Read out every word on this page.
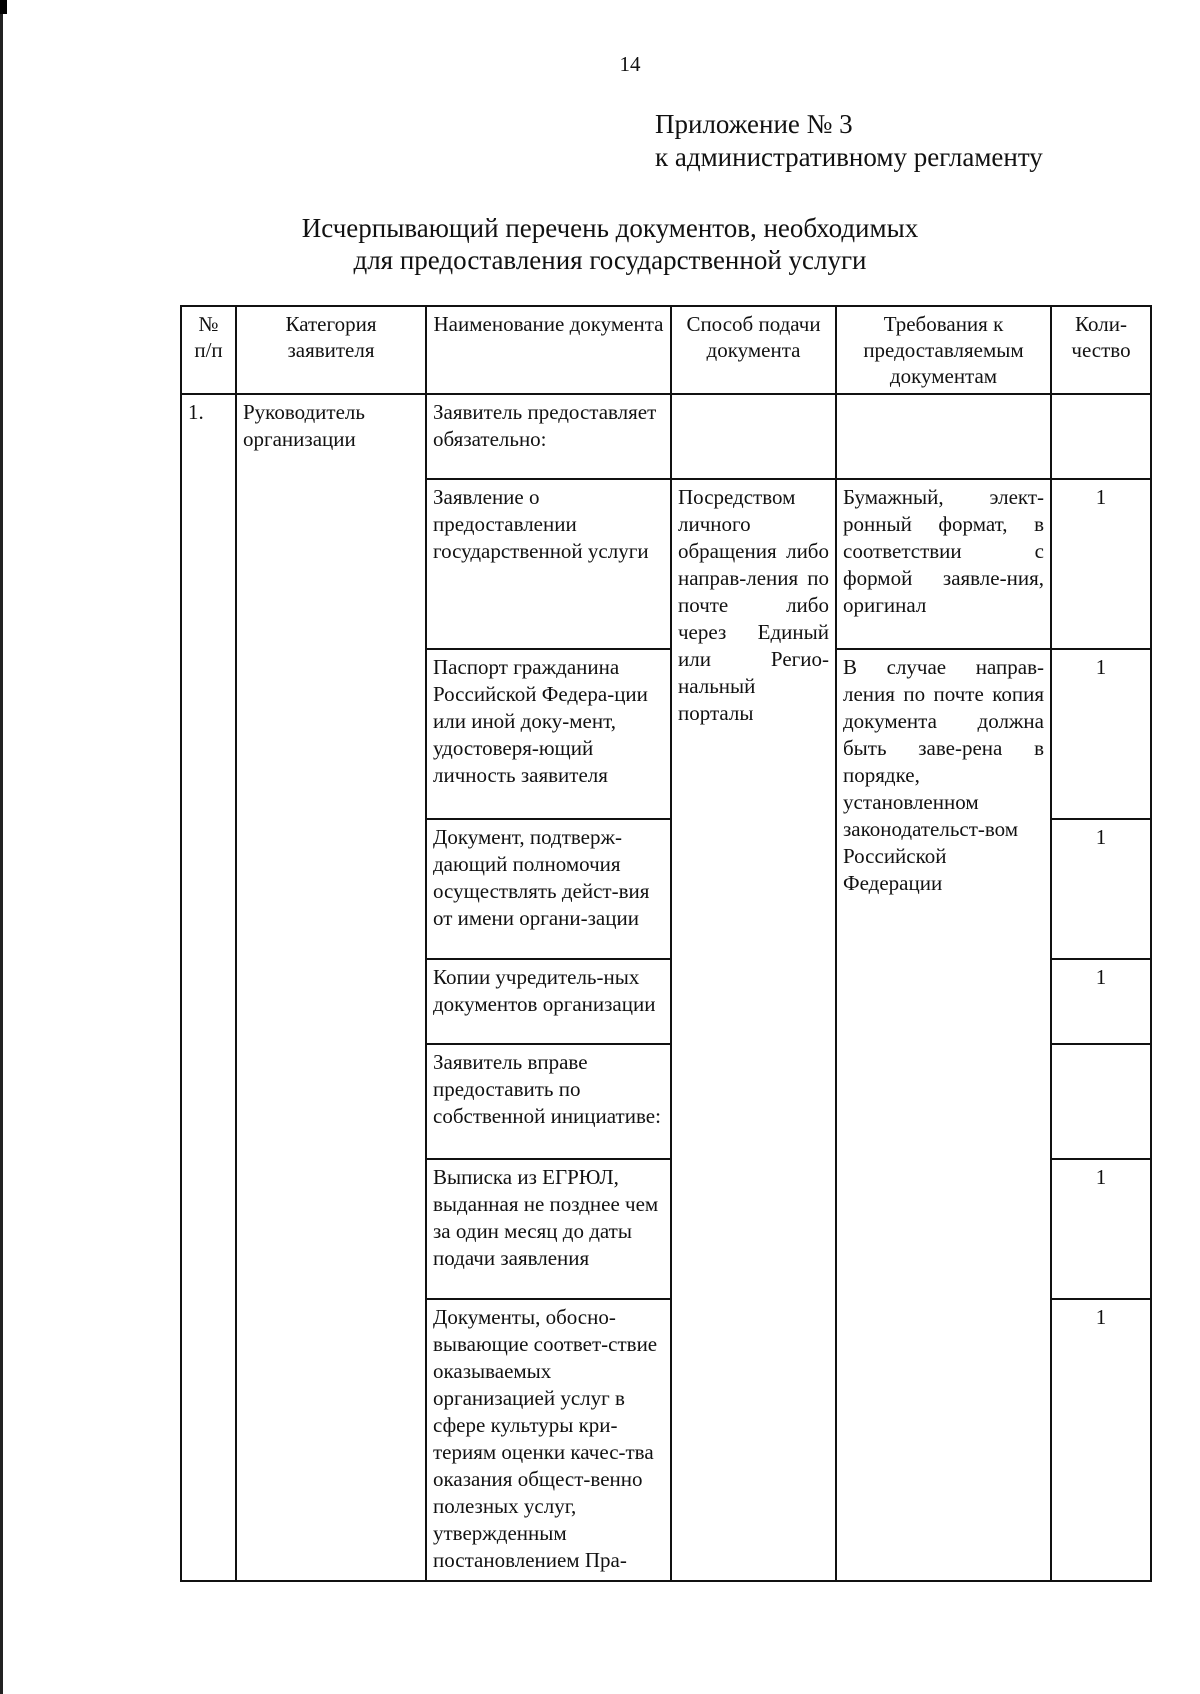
14
Приложение № 3
к административному регламенту
Исчерпывающий перечень документов, необходимых
для предоставления государственной услуги
№ п/п	Категория заявителя	Наименование документа	Способ подачи документа	Требования к предоставляемым документам	Коли-чество
1.	Руководитель организации	Заявитель предоставляет обязательно:			
		Заявление о предоставлении государственной услуги	Посредством личного обращения либо направ-ления по почте либо через Единый или Регио-нальный порталы	Бумажный, элект-ронный формат, в соответствии с формой заявле-ния, оригинал	1
		Паспорт гражданина Российской Федера-ции или иной доку-мент, удостоверя-ющий личность заявителя		В случае направ-ления по почте копия документа должна быть заве-рена в порядке, установленном законодательст-вом Российской Федерации	1
		Документ, подтверж-дающий полномочия осуществлять дейст-вия от имени органи-зации			1
		Копии учредитель-ных документов организации			1
		Заявитель вправе предоставить по собственной инициативе:			
		Выписка из ЕГРЮЛ, выданная не позднее чем за один месяц до даты подачи заявления			1
		Документы, обосно-вывающие соответ-ствие оказываемых организацией услуг в сфере культуры кри-териям оценки качес-тва оказания общест-венно полезных услуг, утвержденным постановлением Пра-			1
